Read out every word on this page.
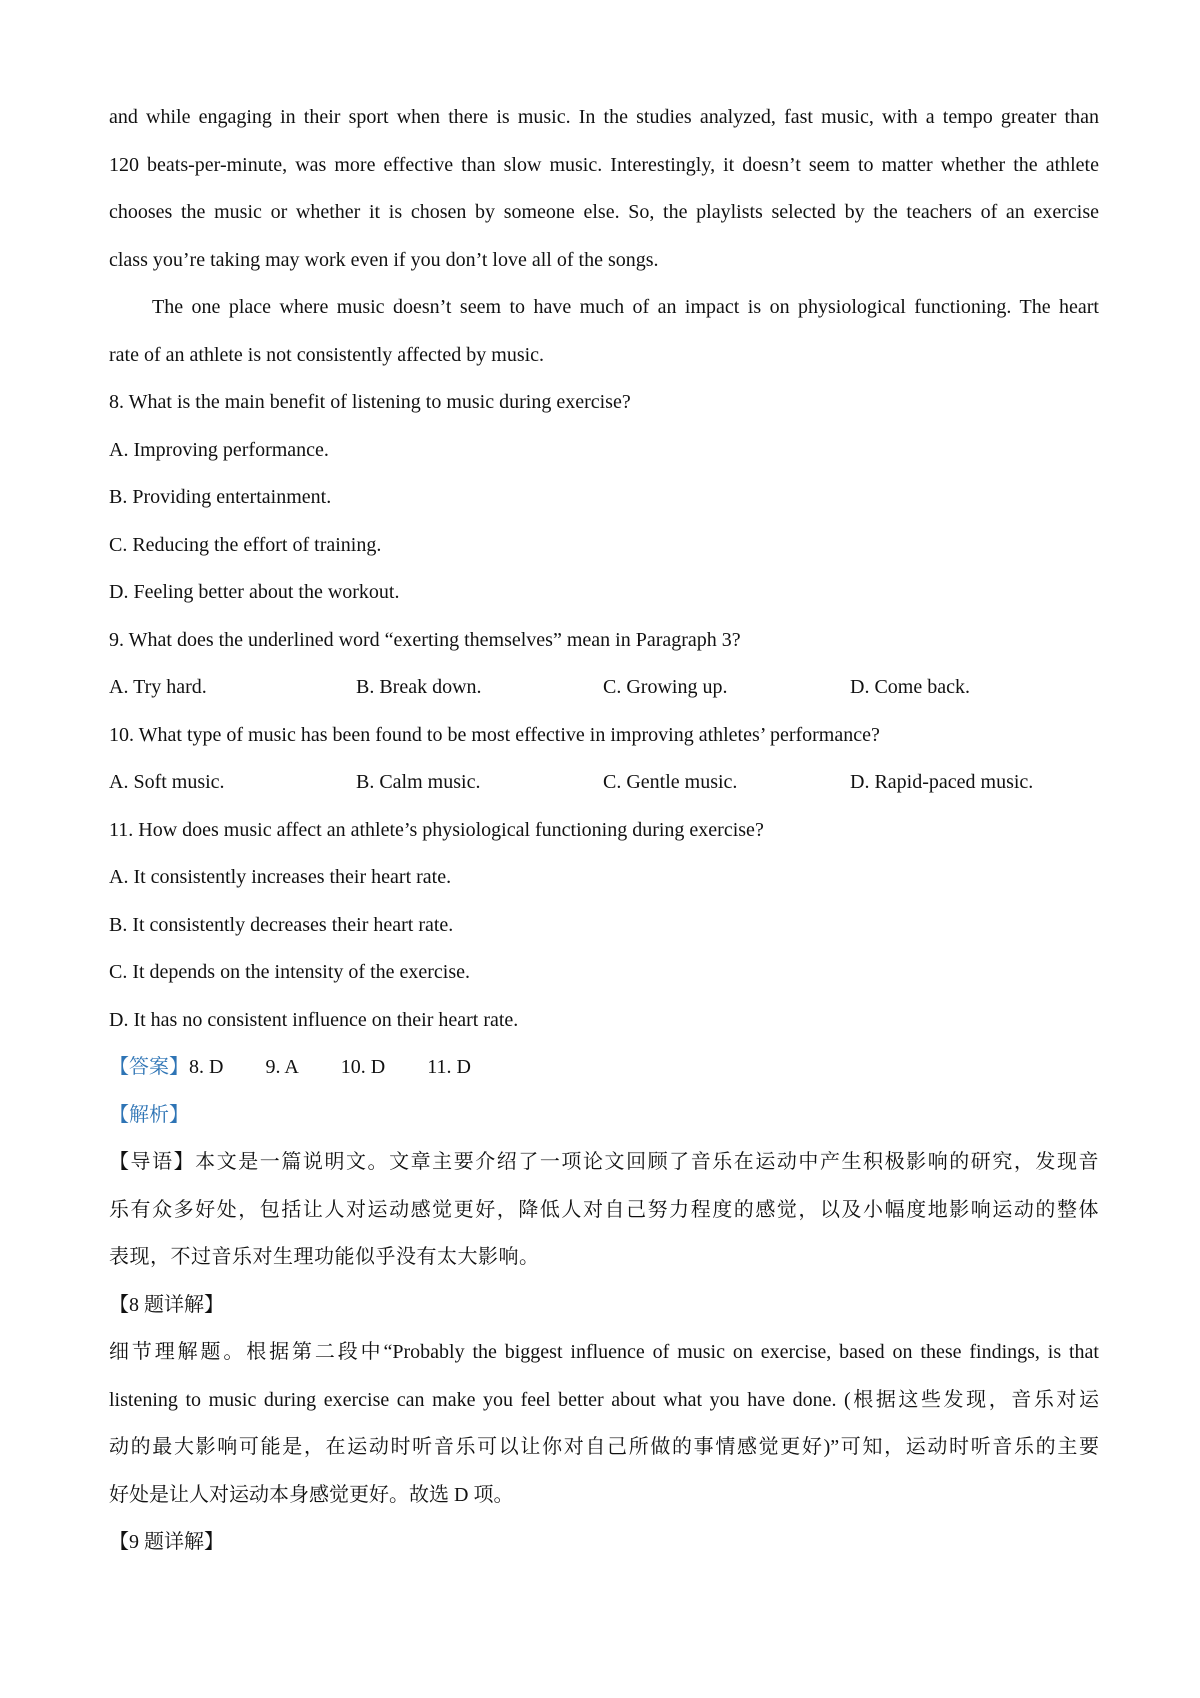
and while engaging in their sport when there is music. In the studies analyzed, fast music, with a tempo greater than
120 beats-per-minute, was more effective than slow music. Interestingly, it doesn’t seem to matter whether the athlete
chooses the music or whether it is chosen by someone else. So, the playlists selected by the teachers of an exercise
class you’re taking may work even if you don’t love all of the songs.
The one place where music doesn’t seem to have much of an impact is on physiological functioning. The heart
rate of an athlete is not consistently affected by music.
8. What is the main benefit of listening to music during exercise?
A. Improving performance.
B. Providing entertainment.
C. Reducing the effort of training.
D. Feeling better about the workout.
9. What does the underlined word “exerting themselves” mean in Paragraph 3?
A. Try hard.	B. Break down.	C. Growing up.	D. Come back.
10. What type of music has been found to be most effective in improving athletes’ performance?
A. Soft music.	B. Calm music.	C. Gentle music.	D. Rapid-paced music.
11. How does music affect an athlete’s physiological functioning during exercise?
A. It consistently increases their heart rate.
B. It consistently decreases their heart rate.
C. It depends on the intensity of the exercise.
D. It has no consistent influence on their heart rate.
【答案】8. D 9. A 10. D 11. D
【解析】
【导语】本文是一篇说明文。文章主要介绍了一项论文回顾了音乐在运动中产生积极影响的研究，发现音
乐有众多好处，包括让人对运动感觉更好，降低人对自己努力程度的感觉，以及小幅度地影响运动的整体
表现，不过音乐对生理功能似乎没有太大影响。
【8 题详解】
细节理解题。根据第二段中“Probably the biggest influence of music on exercise, based on these findings, is that
listening to music during exercise can make you feel better about what you have done. (根据这些发现，音乐对运
动的最大影响可能是，在运动时听音乐可以让你对自己所做的事情感觉更好)”可知，运动时听音乐的主要
好处是让人对运动本身感觉更好。故选 D 项。
【9 题详解】
